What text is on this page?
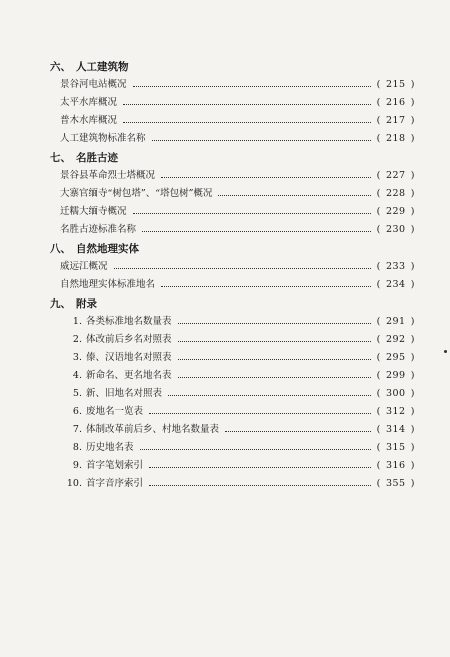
六、 人工建筑物
景谷河电站概况	( 215 )
太平水库概况	( 216 )
普木水库概况	( 217 )
人工建筑物标准名称	( 218 )
七、 名胜古迹
景谷县革命烈士塔概况	( 227 )
大寨官缅寺“树包塔”、“塔包树”概况	( 228 )
迁糯大缅寺概况	( 229 )
名胜古迹标准名称	( 230 )
八、 自然地理实体
威远江概况	( 233 )
自然地理实体标准地名	( 234 )
九、 附录
1. 各类标准地名数量表	( 291 )
2. 体改前后乡名对照表	( 292 )
3. 傣、汉语地名对照表	( 295 )
4. 新命名、更名地名表	( 299 )
5. 新、旧地名对照表	( 300 )
6. 废地名一览表	( 312 )
7. 体制改革前后乡、村地名数量表	( 314 )
8. 历史地名表	( 315 )
9. 首字笔划索引	( 316 )
10. 首字音序索引	( 355 )
